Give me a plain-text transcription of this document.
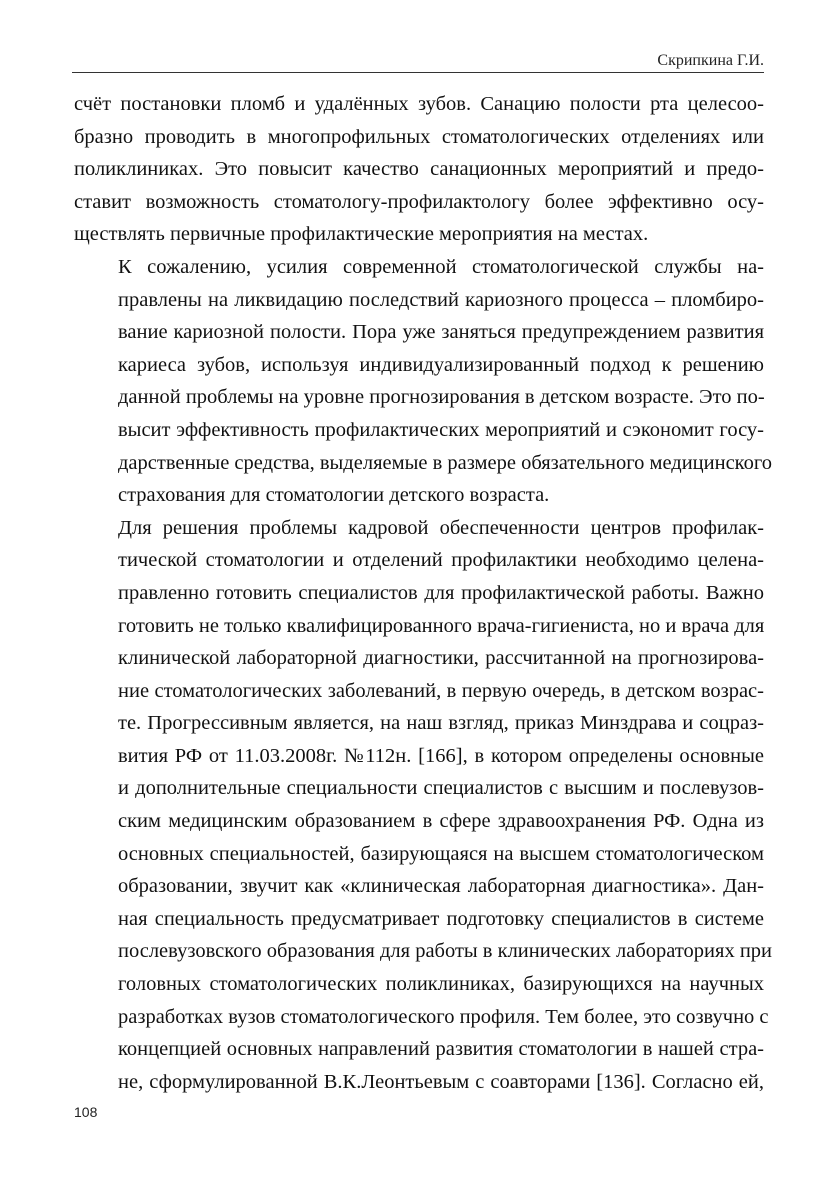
Скрипкина Г.И.

счёт постановки пломб и удалённых зубов. Санацию полости рта целесоо-
бразно проводить в многопрофильных стоматологических отделениях или
поликлиниках. Это повысит качество санационных мероприятий и предо-
ставит возможность стоматологу-профилактологу более эффективно осу-
ществлять первичные профилактические мероприятия на местах.

К сожалению, усилия современной стоматологической службы на-
правлены на ликвидацию последствий кариозного процесса – пломбиро-
вание кариозной полости. Пора уже заняться предупреждением развития
кариеса зубов, используя индивидуализированный подход к решению
данной проблемы на уровне прогнозирования в детском возрасте. Это по-
высит эффективность профилактических мероприятий и сэкономит госу-
дарственные средства, выделяемые в размере обязательного медицинского
страхования для стоматологии детского возраста.

Для решения проблемы кадровой обеспеченности центров профилак-
тической стоматологии и отделений профилактики необходимо целена-
правленно готовить специалистов для профилактической работы. Важно
готовить не только квалифицированного врача-гигиениста, но и врача для
клинической лабораторной диагностики, рассчитанной на прогнозирова-
ние стоматологических заболеваний, в первую очередь, в детском возрас-
те. Прогрессивным является, на наш взгляд, приказ Минздрава и соцраз-
вития РФ от 11.03.2008г. №112н. [166], в котором определены основные
и дополнительные специальности специалистов с высшим и послевузов-
ским медицинским образованием в сфере здравоохранения РФ. Одна из
основных специальностей, базирующаяся на высшем стоматологическом
образовании, звучит как «клиническая лабораторная диагностика». Дан-
ная специальность предусматривает подготовку специалистов в системе
послевузовского образования для работы в клинических лабораториях при
головных стоматологических поликлиниках, базирующихся на научных
разработках вузов стоматологического профиля. Тем более, это созвучно с
концепцией основных направлений развития стоматологии в нашей стра-
не, сформулированной В.К.Леонтьевым с соавторами [136]. Согласно ей,

108
